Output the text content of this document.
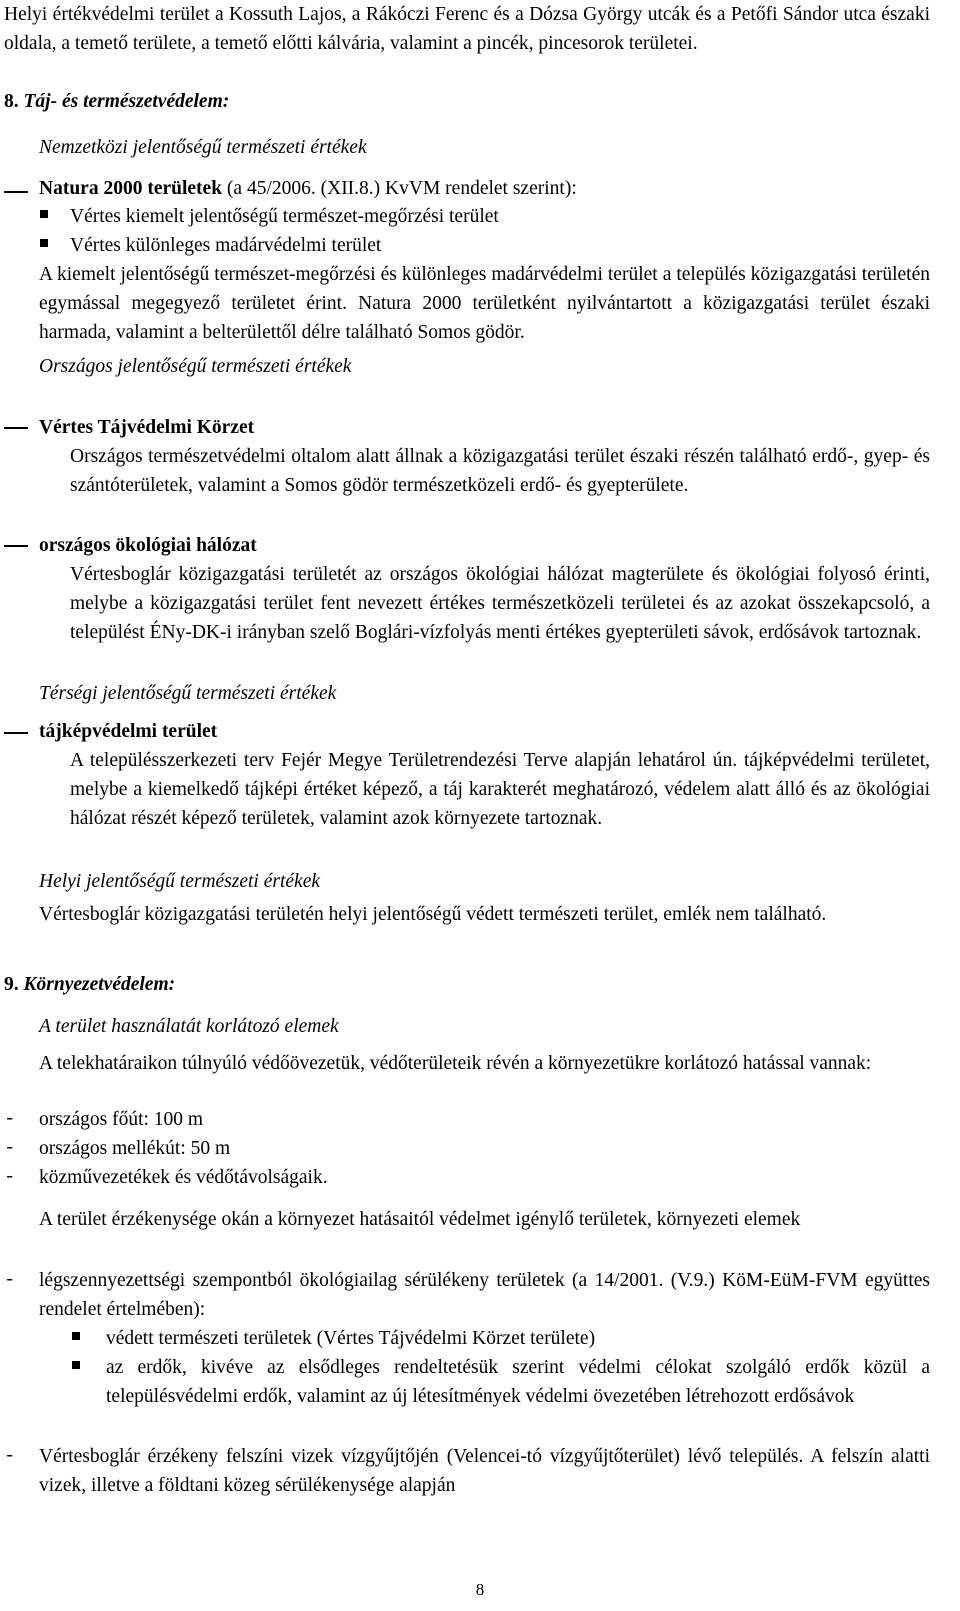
Helyi értékvédelmi terület a Kossuth Lajos, a Rákóczi Ferenc és a Dózsa György utcák és a Petőfi Sándor utca északi oldala, a temető területe, a temető előtti kálvária, valamint a pincék, pincesorok területei.

8. Táj- és természetvédelem:
Nemzetközi jelentőségű természeti értékek
Natura 2000 területek (a 45/2006. (XII.8.) KvVM rendelet szerint):
Vértes kiemelt jelentőségű természet-megőrzési terület
Vértes különleges madárvédelmi terület

A kiemelt jelentőségű természet-megőrzési és különleges madárvédelmi terület a település közigazgatási területén egymással megegyező területet érint. Natura 2000 területként nyilvántartott a közigazgatási terület északi harmada, valamint a belterülettől délre található Somos gödör.

Országos jelentőségű természeti értékek
Vértes Tájvédelmi Körzet

Országos természetvédelmi oltalom alatt állnak a közigazgatási terület északi részén található erdő-, gyep- és szántóterületek, valamint a Somos gödör természetközeli erdő- és gyepterülete.

országos ökológiai hálózat

Vértesboglár közigazgatási területét az országos ökológiai hálózat magterülete és ökológiai folyosó érinti, melybe a közigazgatási terület fent nevezett értékes természetközeli területei és az azokat összekapcsoló, a települést ÉNy-DK-i irányban szelő Boglári-vízfolyás menti értékes gyepterületi sávok, erdősávok tartoznak.

Térségi jelentőségű természeti értékek
tájképvédelmi terület

A településszerkezeti terv Fejér Megye Területrendezési Terve alapján lehatárol ún. tájképvédelmi területet, melybe a kiemelkedő tájképi értéket képező, a táj karakterét meghatározó, védelem alatt álló és az ökológiai hálózat részét képező területek, valamint azok környezete tartoznak.

Helyi jelentőségű természeti értékek

Vértesboglár közigazgatási területén helyi jelentőségű védett természeti terület, emlék nem található.

9. Környezetvédelem:
A terület használatát korlátozó elemek

A telekhatáraikon túlnyúló védőövezetük, védőterületeik révén a környezetükre korlátozó hatással vannak:

- országos főút: 100 m
- országos mellékút: 50 m
- közművezetékek és védőtávolságaik.

A terület érzékenysége okán a környezet hatásaitól védelmet igénylő területek, környezeti elemek

- légszennyezettségi szempontból ökológiailag sérülékeny területek (a 14/2001. (V.9.) KöM-EüM-FVM együttes rendelet értelmében):

védett természeti területek (Vértes Tájvédelmi Körzet területe)

az erdők, kivéve az elsődleges rendeltetésük szerint védelmi célokat szolgáló erdők közül a településvédelmi erdők, valamint az új létesítmények védelmi övezetében létrehozott erdősávok

- Vértesboglár érzékeny felszíni vizek vízgyűjtőjén (Velencei-tó vízgyűjtőterület) lévő település. A felszín alatti vizek, illetve a földtani közeg sérülékenysége alapján

8
